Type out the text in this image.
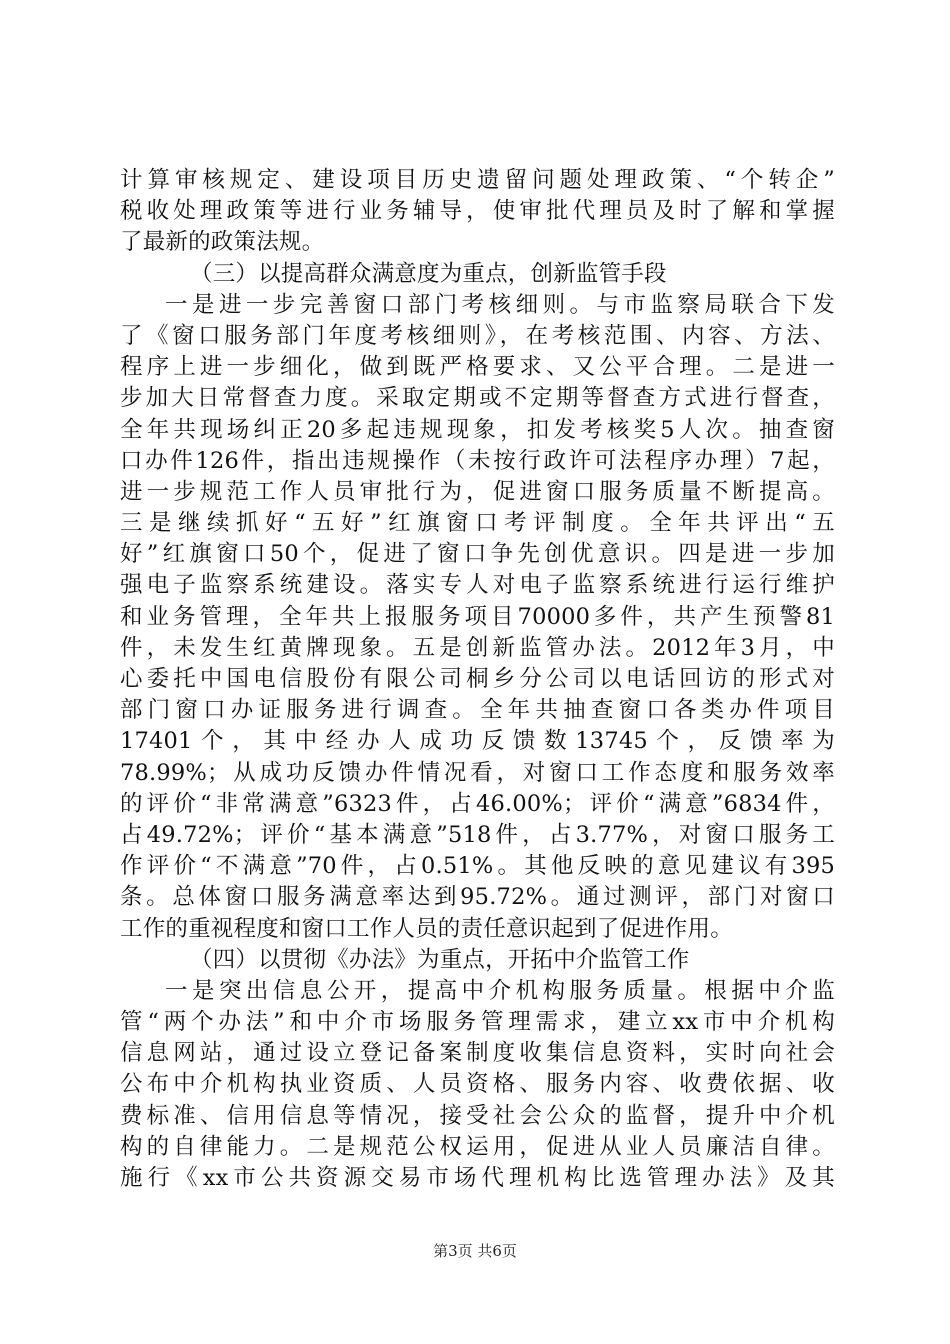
计算审核规定、建设项目历史遗留问题处理政策、“个转企”
税收处理政策等进行业务辅导，使审批代理员及时了解和掌握
了最新的政策法规。
（三）以提高群众满意度为重点，创新监管手段
一是进一步完善窗口部门考核细则。与市监察局联合下发
了《窗口服务部门年度考核细则》，在考核范围、内容、方法、
程序上进一步细化，做到既严格要求、又公平合理。二是进一
步加大日常督查力度。采取定期或不定期等督查方式进行督查，
全年共现场纠正20多起违规现象，扣发考核奖5人次。抽查窗
口办件126件，指出违规操作（未按行政许可法程序办理）7起，
进一步规范工作人员审批行为，促进窗口服务质量不断提高。
三是继续抓好“五好”红旗窗口考评制度。全年共评出“五
好”红旗窗口50个，促进了窗口争先创优意识。四是进一步加
强电子监察系统建设。落实专人对电子监察系统进行运行维护
和业务管理，全年共上报服务项目70000多件，共产生预警81
件，未发生红黄牌现象。五是创新监管办法。2012年3月，中
心委托中国电信股份有限公司桐乡分公司以电话回访的形式对
部门窗口办证服务进行调查。全年共抽查窗口各类办件项目
17401个，其中经办人成功反馈数13745个，反馈率为
78.99%；从成功反馈办件情况看，对窗口工作态度和服务效率
的评价“非常满意”6323件，占46.00%；评价“满意”6834件，
占49.72%；评价“基本满意”518件，占3.77%，对窗口服务工
作评价“不满意”70件，占0.51%。其他反映的意见建议有395
条。总体窗口服务满意率达到95.72%。通过测评，部门对窗口
工作的重视程度和窗口工作人员的责任意识起到了促进作用。
（四）以贯彻《办法》为重点，开拓中介监管工作
一是突出信息公开，提高中介机构服务质量。根据中介监
管“两个办法”和中介市场服务管理需求，建立xx市中介机构
信息网站，通过设立登记备案制度收集信息资料，实时向社会
公布中介机构执业资质、人员资格、服务内容、收费依据、收
费标准、信用信息等情况，接受社会公众的监督，提升中介机
构的自律能力。二是规范公权运用，促进从业人员廉洁自律。
施行《xx市公共资源交易市场代理机构比选管理办法》及其
第3页 共6页
